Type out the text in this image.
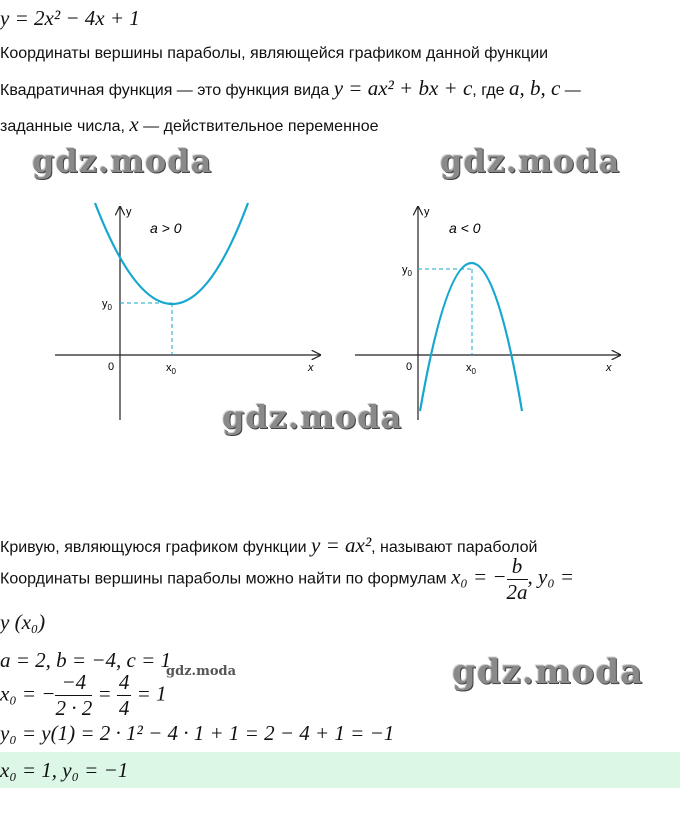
y = 2x² − 4x + 1
Координаты вершины параболы, являющейся графиком данной функции
Квадратичная функция — это функция вида y = ax² + bx + c, где a, b, c —
заданные числа, x — действительное переменное
gdz.moda	gdz.moda
gdz.moda
gdz.moda
gdz.moda
y
x
0
a > 0
$y_0$
$x_0$
y
x
0
a < 0
$y_0$
$x_0$
Кривую, являющуюся графиком функции y = ax², называют параболой
Координаты вершины параболы можно найти по формулам x₀ = − $\frac{b}{2a}$ , y₀ =
y (x₀)
a = 2, b = −4, c = 1
x₀ = − $\frac{-4}{2 \cdot 2} = \frac{4}{4} = 1$
y₀ = y(1) = 2 · 1² − 4 · 1 + 1 = 2 − 4 + 1 = −1
x₀ = 1, y₀ = −1
